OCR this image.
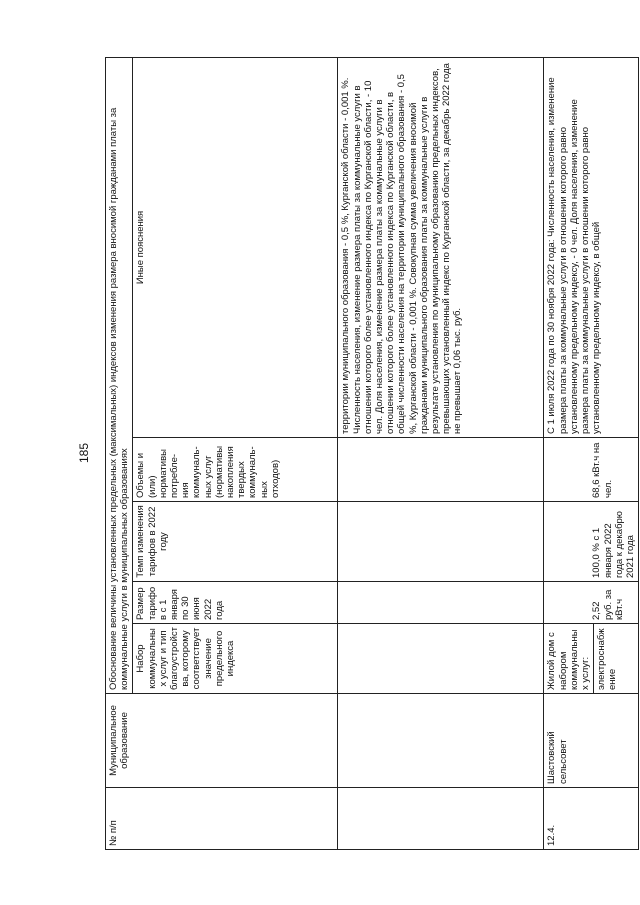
185
№ п/п	Муниципальное образование	Обоснование величины установленных предельных (максимальных) индексов изменения размера вносимой гражданами платы за коммунальные услуги в муниципальных образованиях				
		Набор коммунальных услуг и тип благоустройства, которому соответствует значение предельного индекса	Размер тарифов с 1 января по 30 июня 2022 года	Темп изменения тарифов в 2022 году	Объемы и (или) нормативы потребле-ния коммуналь-ных услуг (нормативы накопления твердых коммуналь-ных отходов)	Иные пояснения
						территории муниципального образования - 0,5 %, Курганской области - 0,001 %. Численность населения, изменение размера платы за коммунальные услуги в отношении которого более установленного индекса по Курганской области, - 10 чел. Доля населения, изменение размера платы за коммунальные услуги в отношении которого более установленного индекса по Курганской области, в общей численности населения на территории муниципального образования - 0,5 %, Курганской области - 0,001 %. Совокупная сумма увеличения вносимой гражданами муниципального образования платы за коммунальные услуги в результате установления по муниципальному образованию предельных индексов, превышающих установленный индекс по Курганской области, за декабрь 2022 года не превышает 0,06 тыс. руб.
12.4.	Шастовский сельсовет	Жилой дом с набором коммунальных услуг: электроснабжение	2,52 руб. за кВт.ч	100,0 % с 1 января 2022 года к декабрю 2021 года	68,6 кВт.ч на чел.	С 1 июля 2022 года по 30 ноября 2022 года: Численность населения, изменение размера платы за коммунальные услуги в отношении которого равно установленному предельному индексу, - 0 чел. Доля населения, изменение размера платы за коммунальные услуги в отношении которого равно установленному предельному индексу, в общей
